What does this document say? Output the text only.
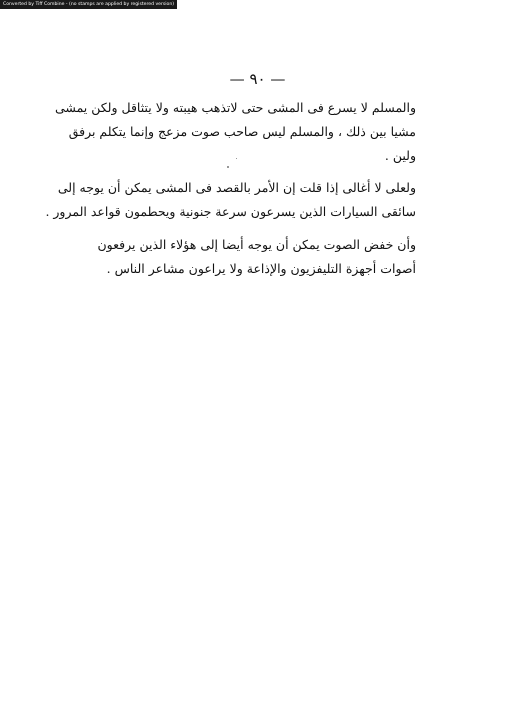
Converted by Tiff Combine - (no stamps are applied by registered version)
— ٩٠ —
والمسلم لا يسرع فى المشى حتى لاتذهب هيبته ولا يتثاقل ولكن يمشى
مشيا بين ذلك ، والمسلم ليس صاحب صوت مزعج وإنما يتكلم برفق
ولين .
ولعلى لا أغالى إذا قلت إن الأمر بالقصد فى المشى يمكن أن يوجه إلى
سائقى السيارات الذين يسرعون سرعة جنونية ويحطمون قواعد المرور .
وأن خفض الصوت يمكن أن يوجه أيضا إلى هؤلاء الذين يرفعون
أصوات أجهزة التليفزيون والإذاعة ولا يراعون مشاعر الناس .
